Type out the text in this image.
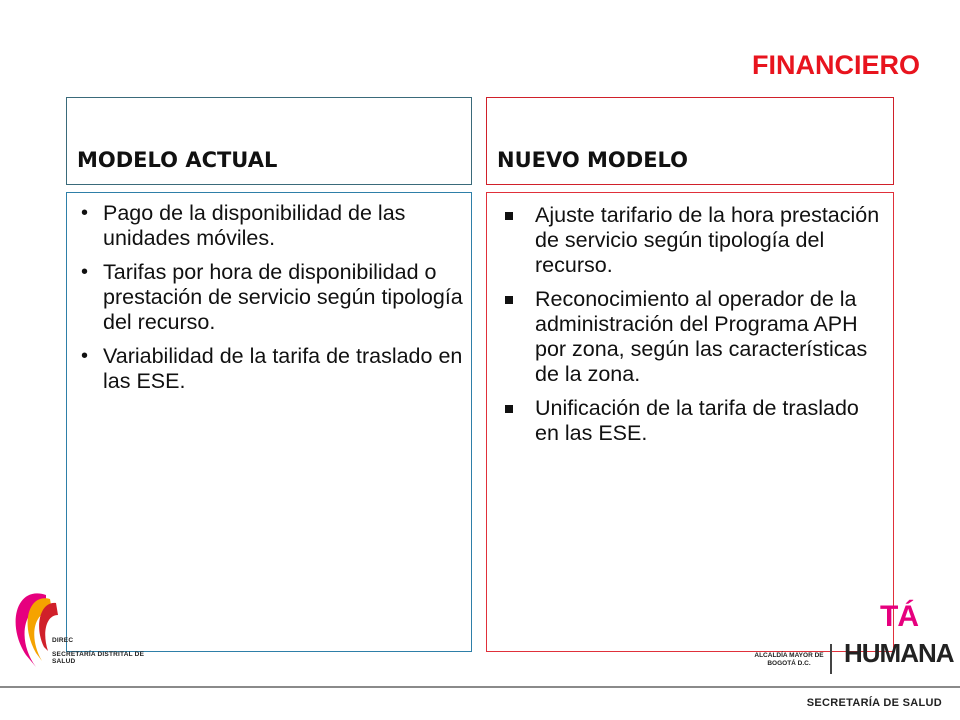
FINANCIERO
MODELO ACTUAL
• Pago de la disponibilidad de las unidades móviles.
• Tarifas por hora de disponibilidad o prestación de servicio según tipología del recurso.
• Variabilidad de la tarifa de traslado en las ESE.
NUEVO MODELO
Ajuste tarifario de la hora prestación de servicio según tipología del recurso.
Reconocimiento al operador de la administración del Programa APH por zona, según las características de la zona.
Unificación de la tarifa de traslado en las ESE.
DIREC
SECRETARÍA DISTRITAL DE SALUD
ALCALDÍA MAYOR DE BOGOTÁ D.C.
TÁ
HUMANA
SECRETARÍA DE SALUD
